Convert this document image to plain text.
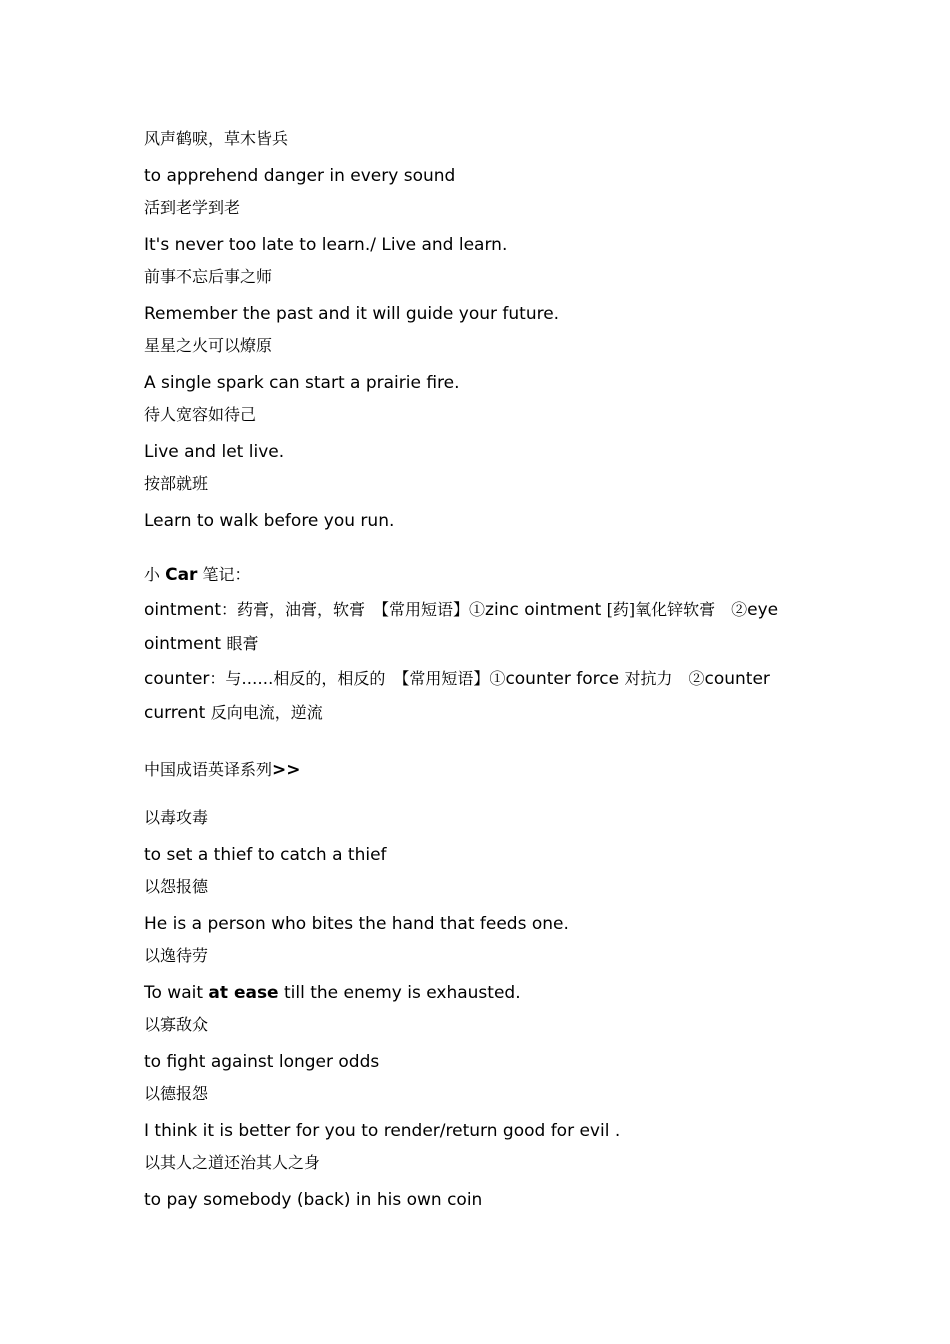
风声鹤唳，草木皆兵
to apprehend danger in every sound
活到老学到老
It's never too late to learn./ Live and learn.
前事不忘后事之师
Remember the past and it will guide your future.
星星之火可以燎原
A single spark can start a prairie fire.
待人宽容如待己
Live and let live.
按部就班
Learn to walk before you run.
小 Car 笔记：
ointment：药膏，油膏，软膏　【常用短语】①zinc ointment [药]氧化锌软膏　②eye
ointment 眼膏
counter：与……相反的，相反的　【常用短语】①counter force 对抗力　②counter
current 反向电流，逆流
中国成语英译系列>>
以毒攻毒
to set a thief to catch a thief
以怨报德
He is a person who bites the hand that feeds one.
以逸待劳
To wait at ease till the enemy is exhausted.
以寡敌众
to fight against longer odds
以德报怨
I think it is better for you to render/return good for evil .
以其人之道还治其人之身
to pay somebody (back) in his own coin
